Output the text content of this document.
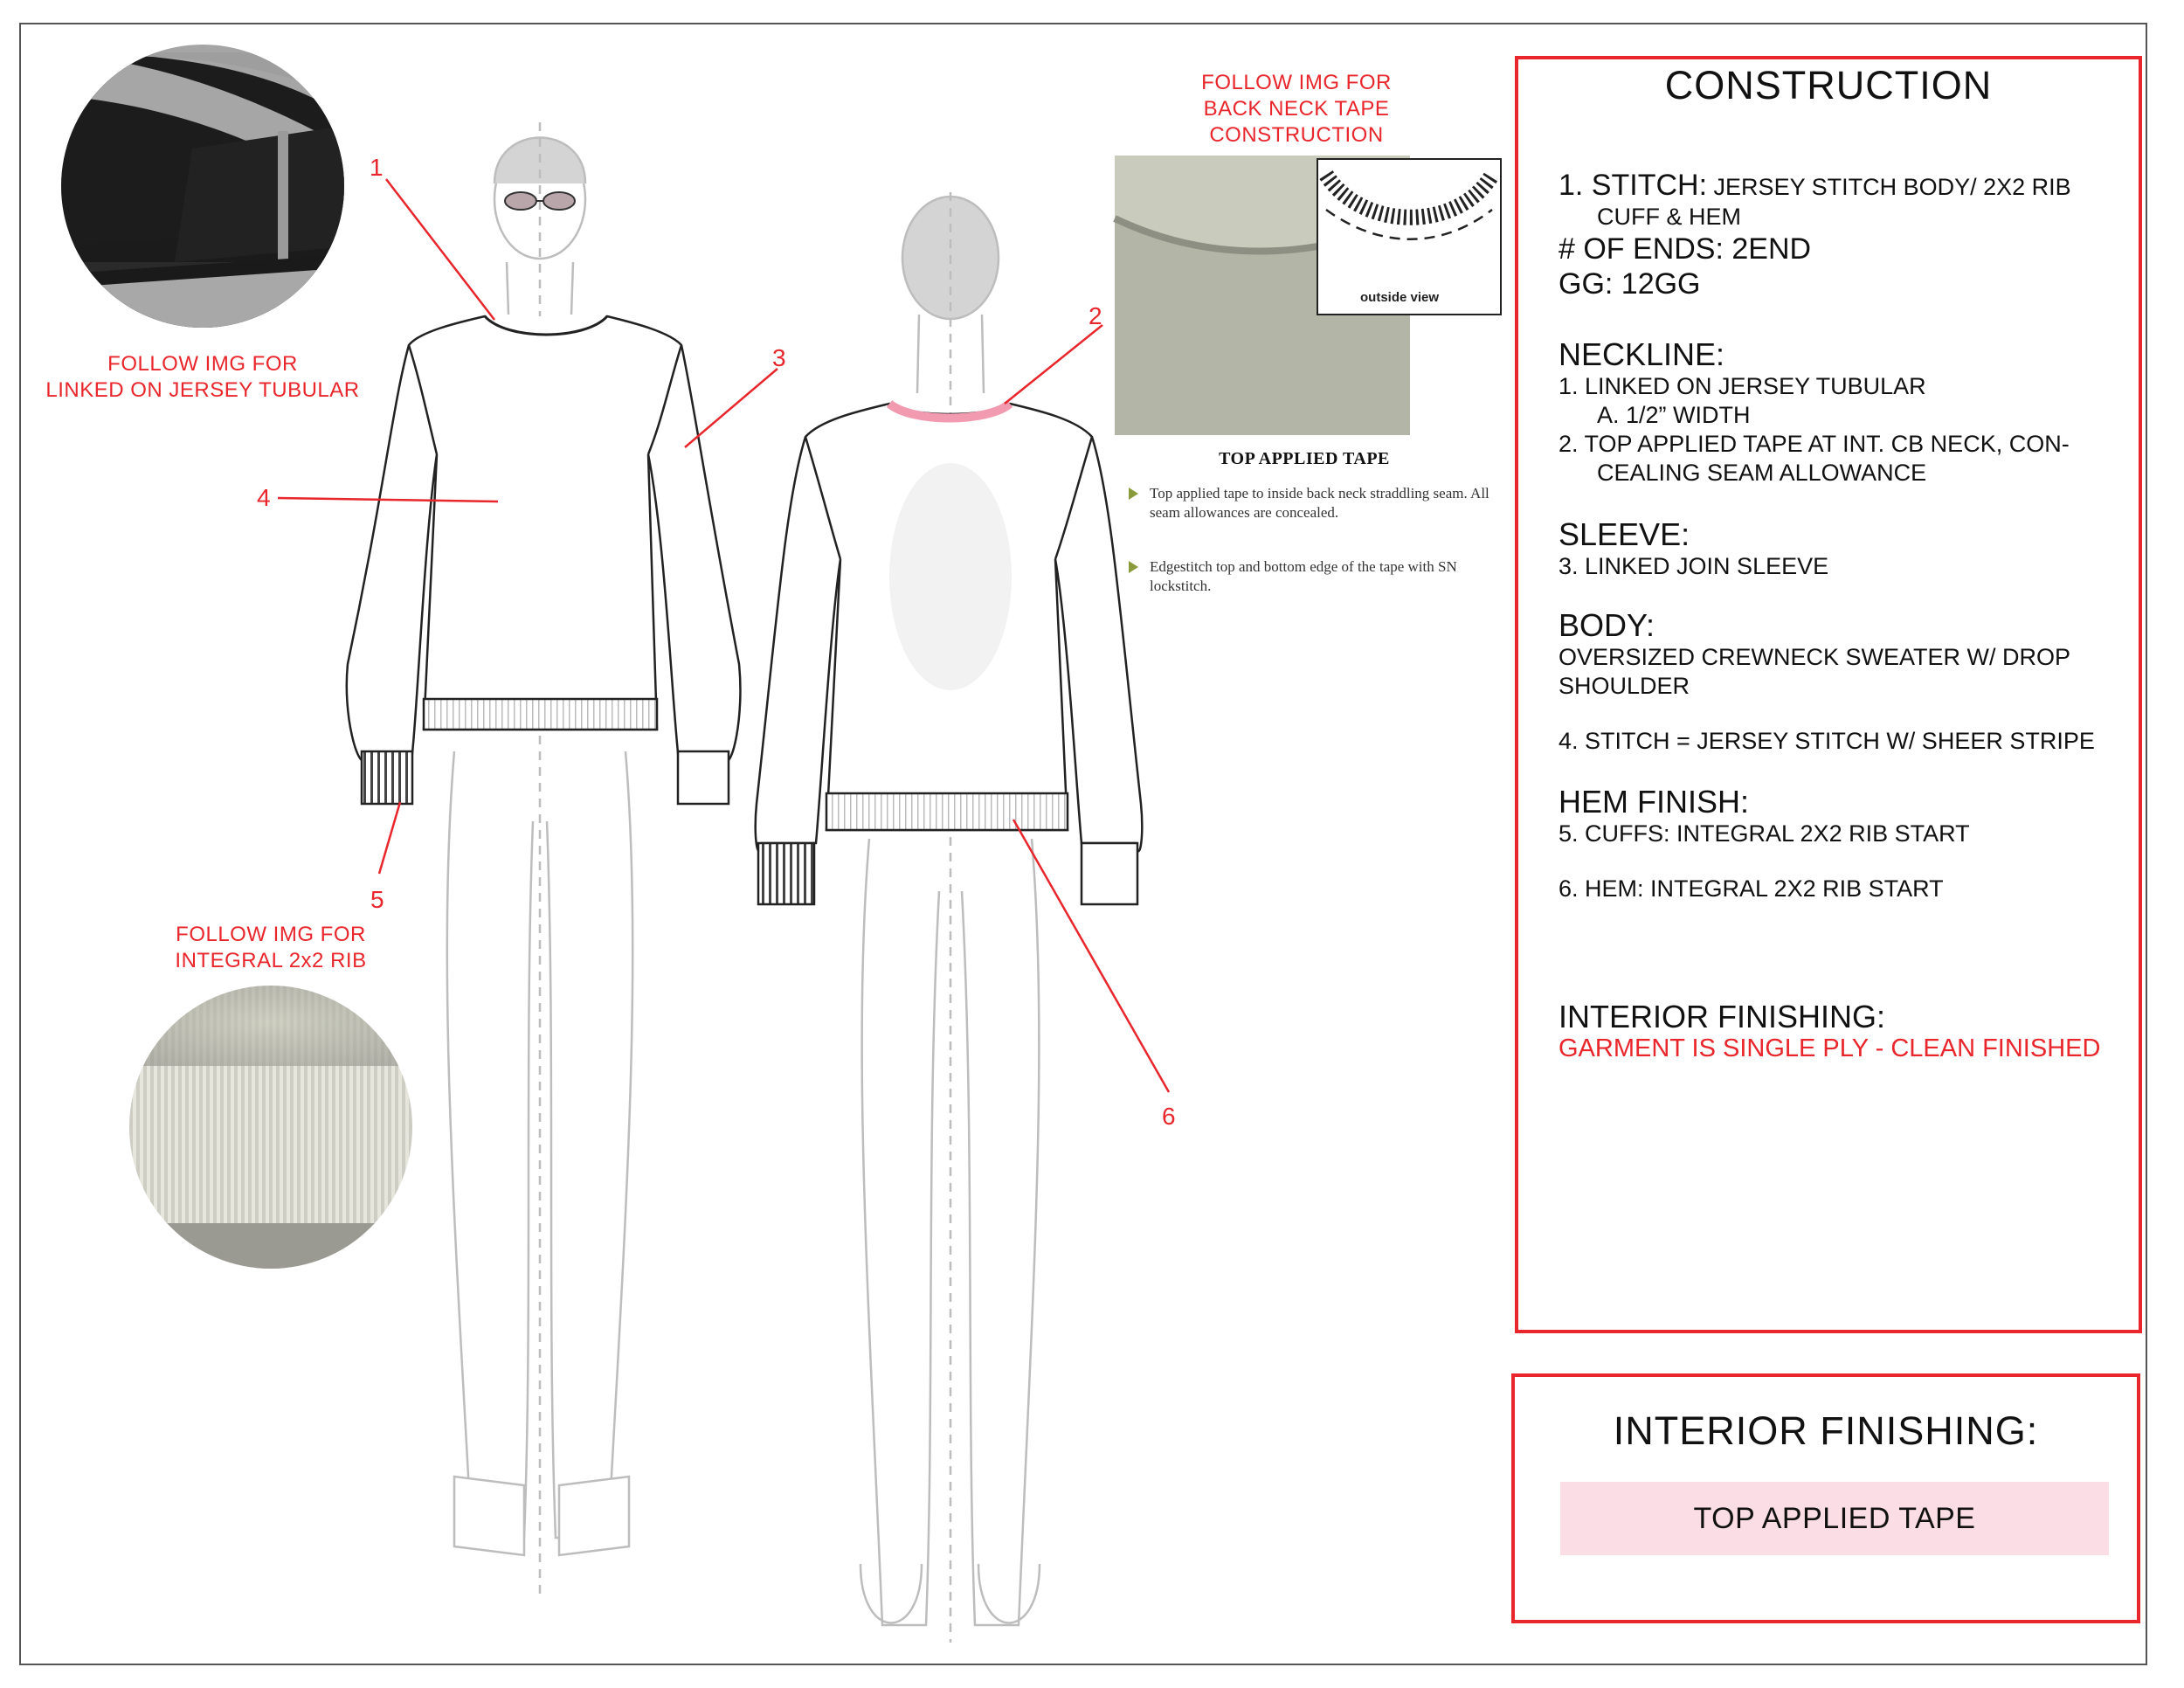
FOLLOW IMG FOR
LINKED ON JERSEY TUBULAR
FOLLOW IMG FOR
BACK NECK TAPE
CONSTRUCTION
FOLLOW IMG FOR
INTEGRAL 2x2 RIB
1
2
3
4
5
6
outside view
TOP APPLIED TAPE
Top applied tape to inside back neck straddling seam. All seam allowances are concealed.
Edgestitch top and bottom edge of the tape with SN lockstitch.
CONSTRUCTION
1. STITCH: JERSEY STITCH BODY/ 2X2 RIB
CUFF & HEM
# OF ENDS: 2END
GG: 12GG
NECKLINE:
1. LINKED ON JERSEY TUBULAR
A. 1/2” WIDTH
2. TOP APPLIED TAPE AT INT. CB NECK, CON-
CEALING SEAM ALLOWANCE
SLEEVE:
3. LINKED JOIN SLEEVE
BODY:
OVERSIZED CREWNECK SWEATER W/ DROP
SHOULDER
4. STITCH = JERSEY STITCH W/ SHEER STRIPE
HEM FINISH:
5. CUFFS: INTEGRAL 2X2 RIB START
6. HEM: INTEGRAL 2X2 RIB START
INTERIOR FINISHING:
GARMENT IS SINGLE PLY - CLEAN FINISHED
INTERIOR FINISHING:
TOP APPLIED TAPE
